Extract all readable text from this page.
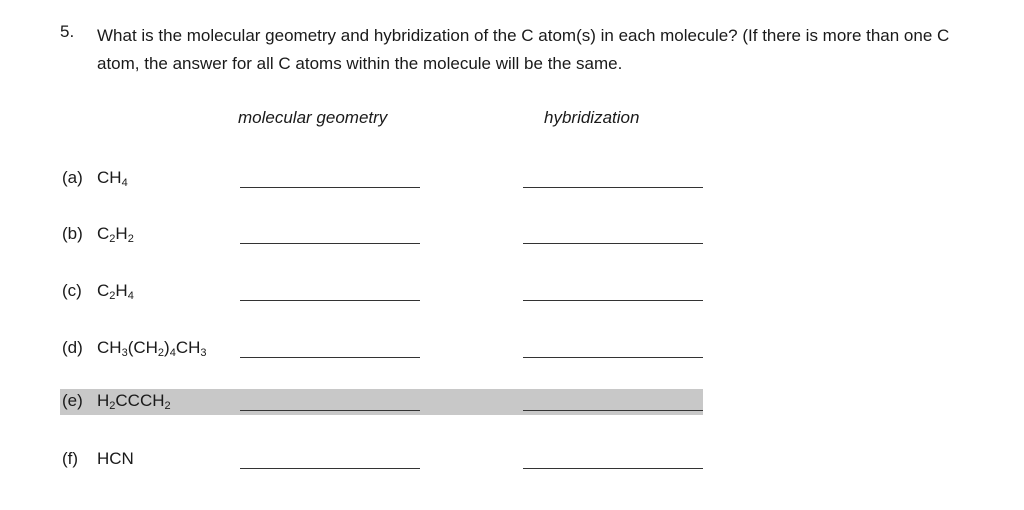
5. What is the molecular geometry and hybridization of the C atom(s) in each molecule? (If there is more than one C atom, the answer for all C atoms within the molecule will be the same.
molecular geometry	hybridization
(a) $CH_4$
(b) $C_2H_2$
(c) $C_2H_4$
(d) $CH_3(CH_2)_4CH_3$
(e) $H_2CCCH_2$
(f) HCN
